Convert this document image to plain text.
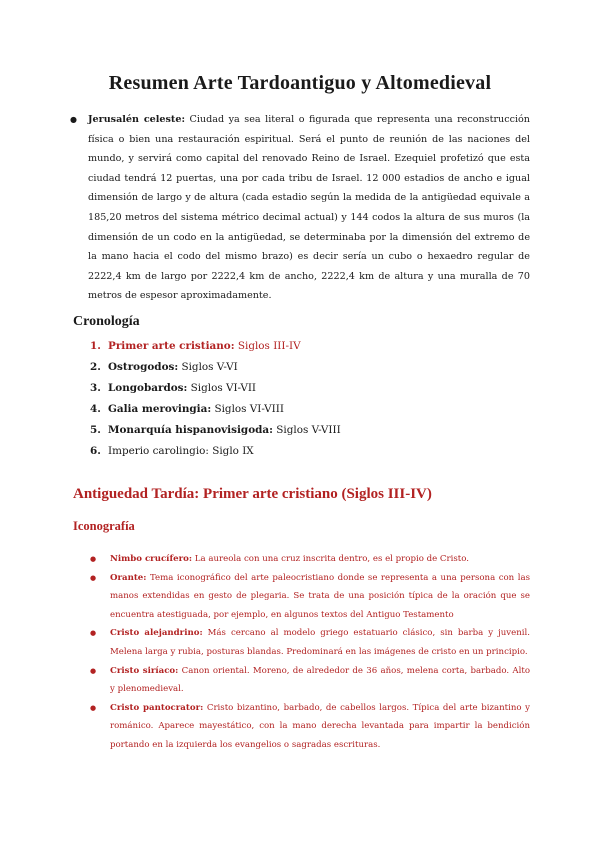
Resumen Arte Tardoantiguo y Altomedieval
● Jerusalén celeste: Ciudad ya sea literal o figurada que representa una reconstrucción física o bien una restauración espiritual. Será el punto de reunión de las naciones del mundo, y servirá como capital del renovado Reino de Israel. Ezequiel profetizó que esta ciudad tendrá 12 puertas, una por cada tribu de Israel. 12 000 estadios de ancho e igual dimensión de largo y de altura (cada estadio según la medida de la antigüedad equivale a 185,20 metros del sistema métrico decimal actual) y 144 codos la altura de sus muros (la dimensión de un codo en la antigüedad, se determinaba por la dimensión del extremo de la mano hacia el codo del mismo brazo) es decir sería un cubo o hexaedro regular de 2222,4 km de largo por 2222,4 km de ancho, 2222,4 km de altura y una muralla de 70 metros de espesor aproximadamente.
Cronología
1. Primer arte cristiano: Siglos III-IV
2. Ostrogodos: Siglos V-VI
3. Longobardos: Siglos VI-VII
4. Galia merovingia: Siglos VI-VIII
5. Monarquía hispanovisigoda: Siglos V-VIII
6. Imperio carolingio: Siglo IX
Antiguedad Tardía: Primer arte cristiano (Siglos III-IV)
Iconografía
● Nimbo crucífero: La aureola con una cruz inscrita dentro, es el propio de Cristo.
● Orante: Tema iconográfico del arte paleocristiano donde se representa a una persona con las manos extendidas en gesto de plegaria. Se trata de una posición típica de la oración que se encuentra atestiguada, por ejemplo, en algunos textos del Antiguo Testamento
● Cristo alejandrino: Más cercano al modelo griego estatuario clásico, sin barba y juvenil. Melena larga y rubia, posturas blandas. Predominará en las imágenes de cristo en un principio.
● Cristo siríaco: Canon oriental. Moreno, de alrededor de 36 años, melena corta, barbado. Alto y plenomedieval.
● Cristo pantocrator: Cristo bizantino, barbado, de cabellos largos. Típica del arte bizantino y románico. Aparece mayestático, con la mano derecha levantada para impartir la bendición portando en la izquierda los evangelios o sagradas escrituras.
